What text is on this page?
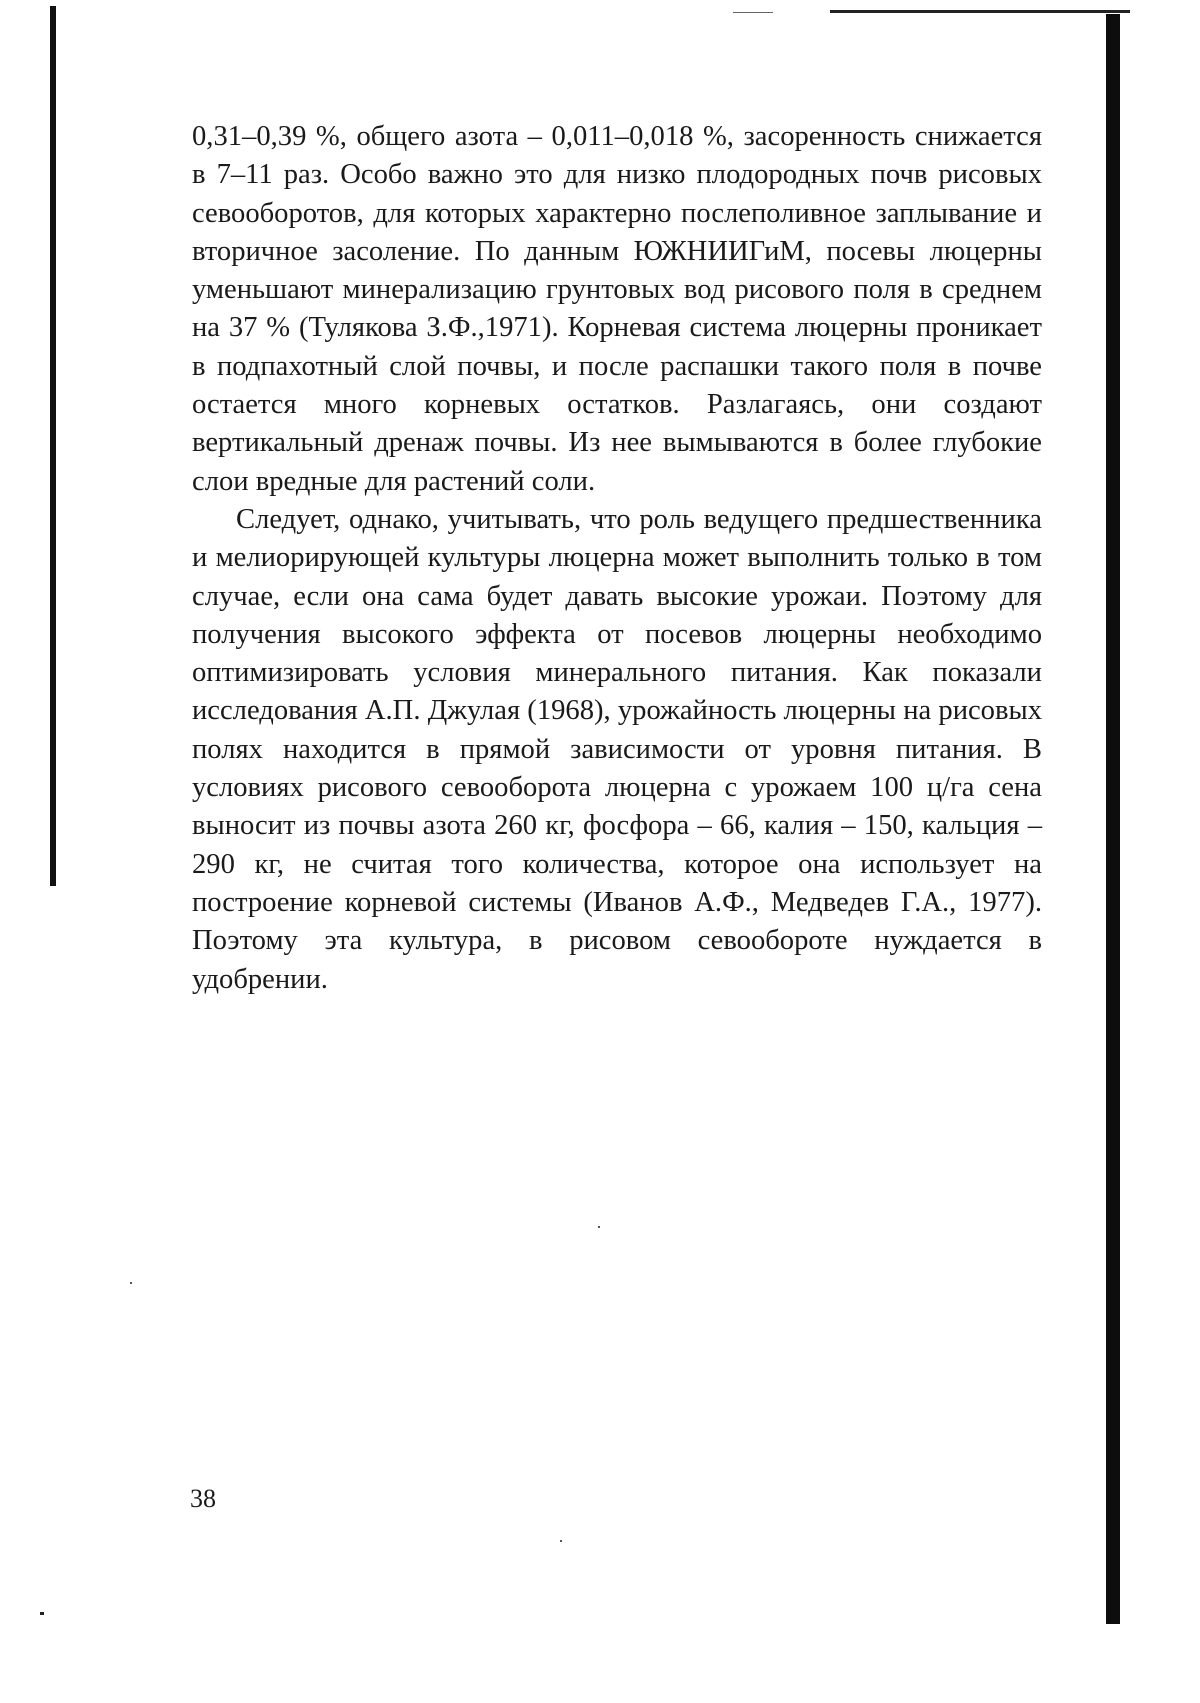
0,31–0,39 %, общего азота – 0,011–0,018 %, засоренность снижается в 7–11 раз. Особо важно это для низко плодородных почв рисовых севооборотов, для которых характерно послеполивное заплывание и вторичное засоление. По данным ЮЖНИИГиМ, посевы люцерны уменьшают минерализацию грунтовых вод рисового поля в среднем на 37 % (Тулякова З.Ф.,1971). Корневая система люцерны проникает в подпахотный слой почвы, и после распашки такого поля в почве остается много корневых остатков. Разлагаясь, они создают вертикальный дренаж почвы. Из нее вымываются в более глубокие слои вредные для растений соли.

Следует, однако, учитывать, что роль ведущего предшественника и мелиорирующей культуры люцерна может выполнить только в том случае, если она сама будет давать высокие урожаи. Поэтому для получения высокого эффекта от посевов люцерны необходимо оптимизировать условия минерального питания. Как показали исследования А.П. Джулая (1968), урожайность люцерны на рисовых полях находится в прямой зависимости от уровня питания. В условиях рисового севооборота люцерна с урожаем 100 ц/га сена выносит из почвы азота 260 кг, фосфора – 66, калия – 150, кальция – 290 кг, не считая того количества, которое она использует на построение корневой системы (Иванов А.Ф., Медведев Г.А., 1977). Поэтому эта культура, в рисовом севообороте нуждается в удобрении.

38
